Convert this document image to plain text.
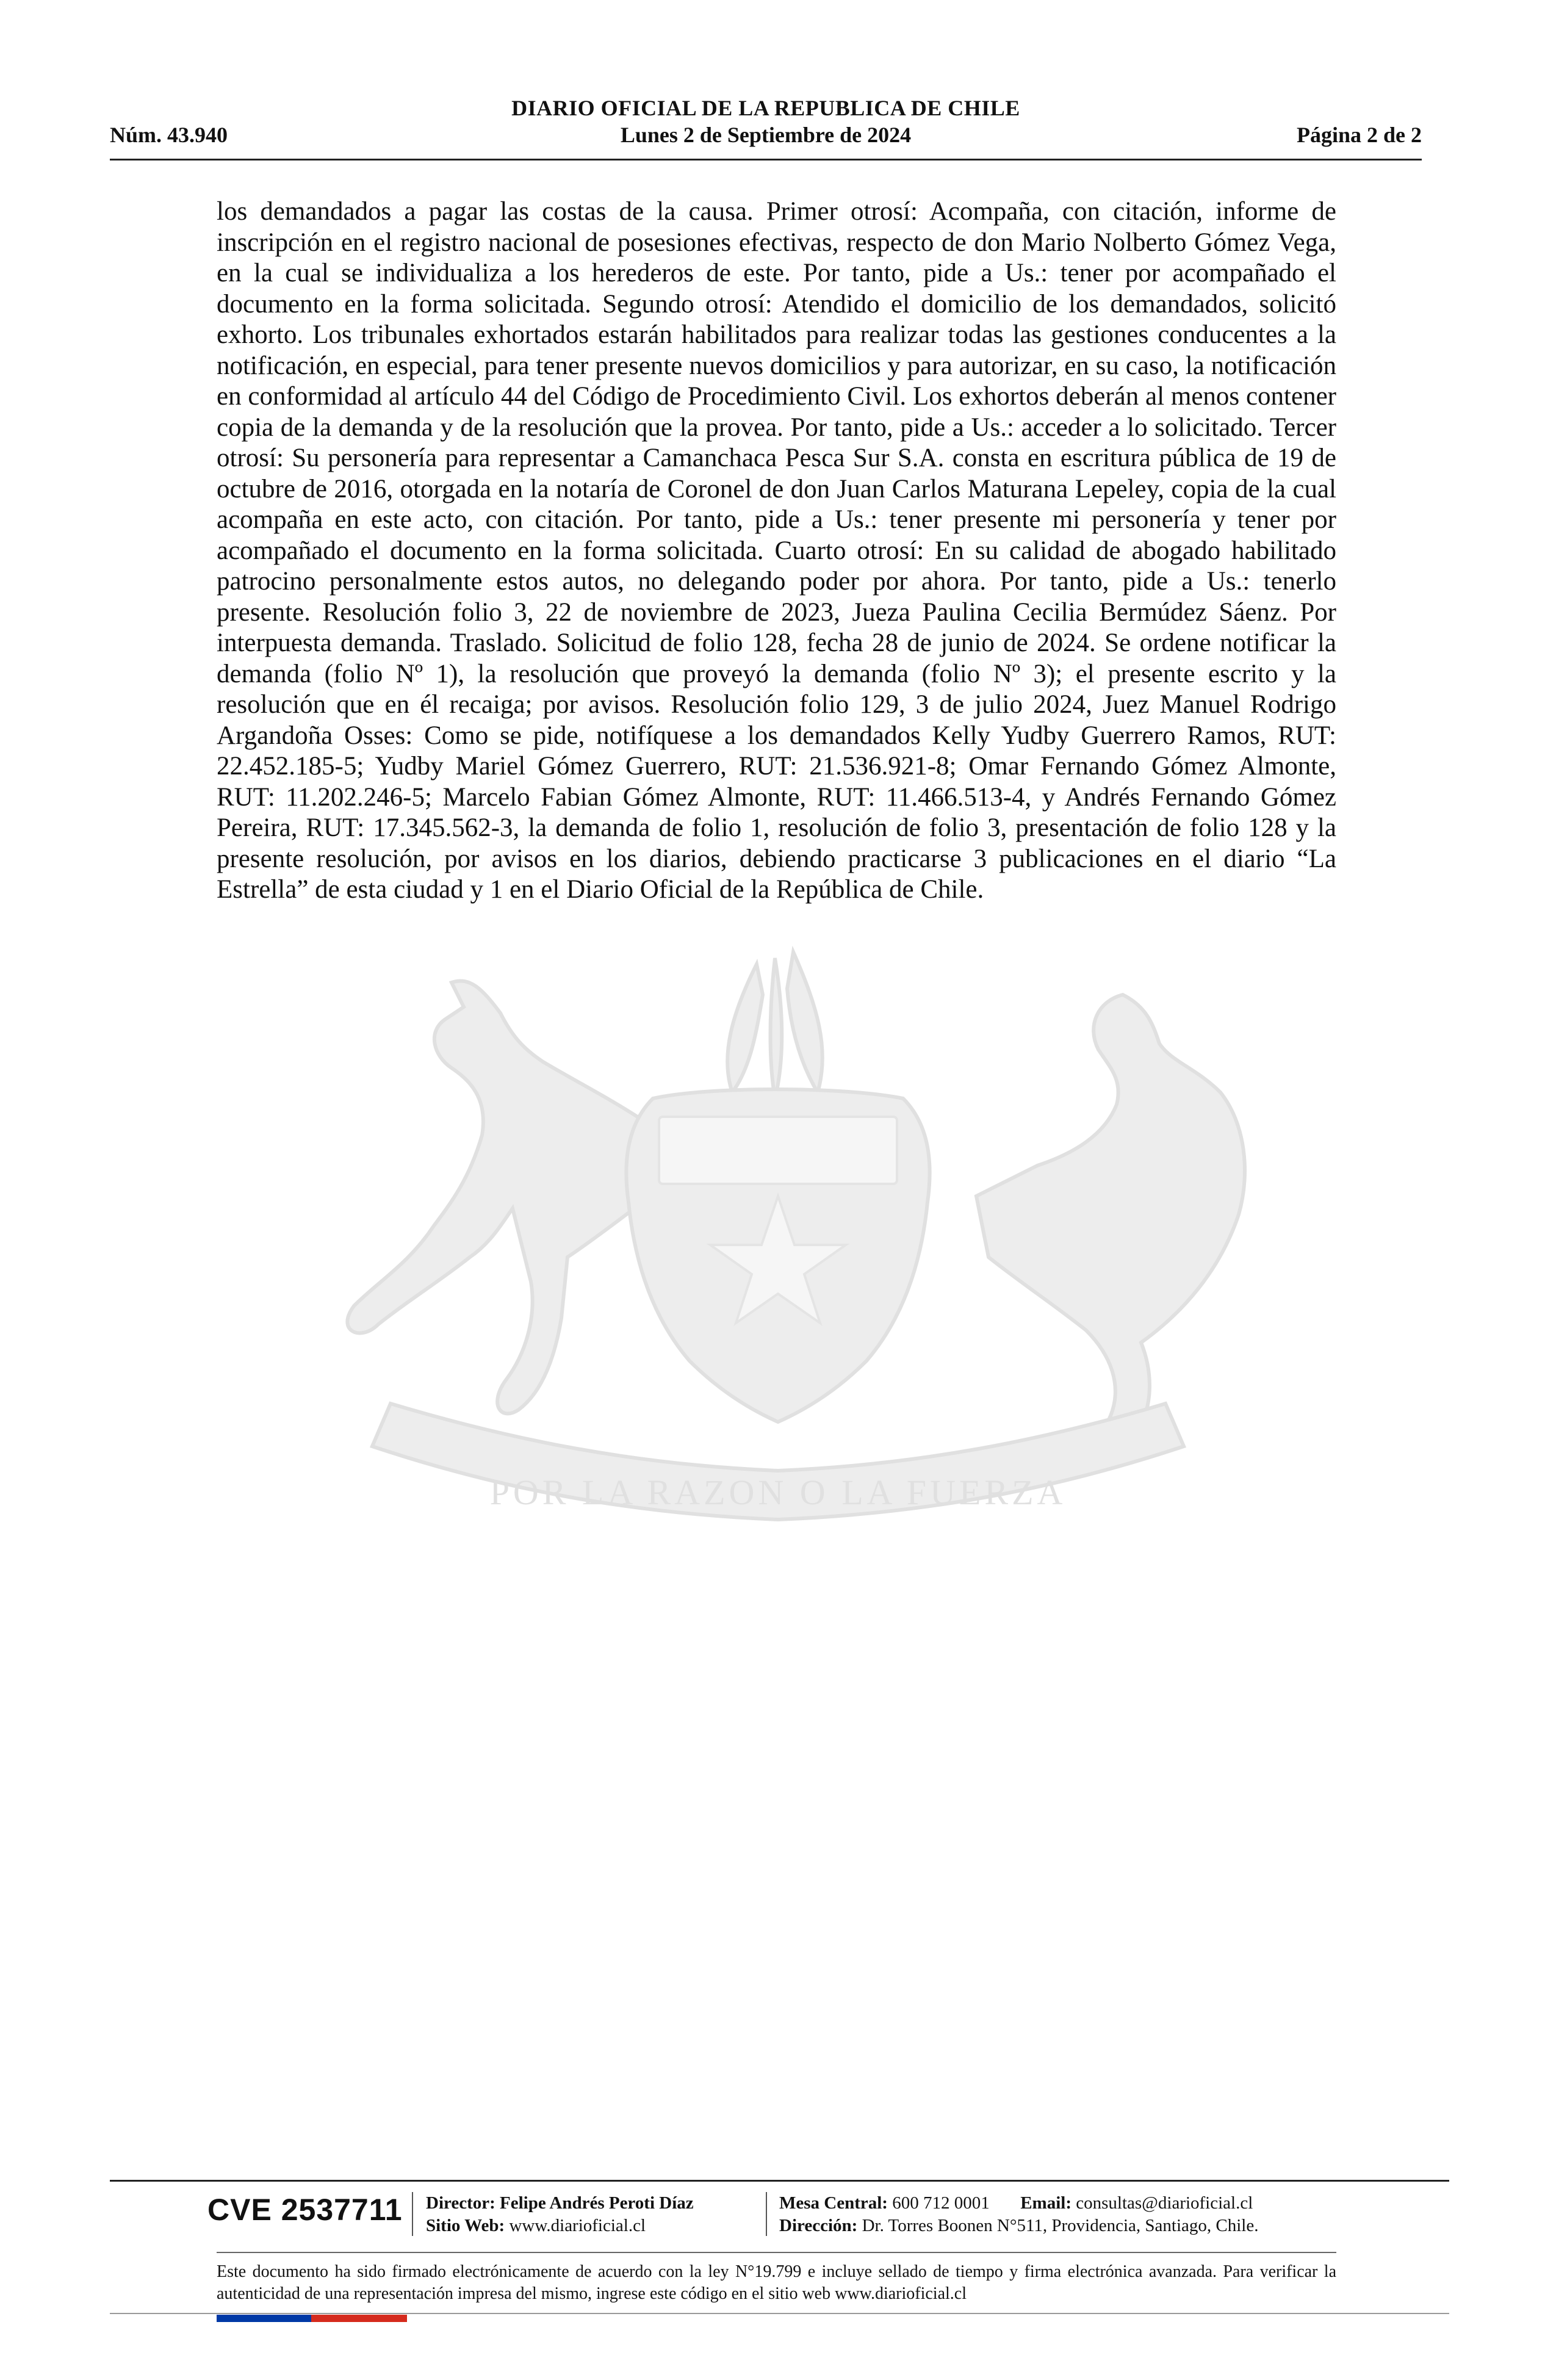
DIARIO OFICIAL DE LA REPUBLICA DE CHILE
Núm. 43.940	Lunes 2 de Septiembre de 2024	Página 2 de 2
POR LA RAZON O LA FUERZA
los demandados a pagar las costas de la causa. Primer otrosí: Acompaña, con citación, informe de inscripción en el registro nacional de posesiones efectivas, respecto de don Mario Nolberto Gómez Vega, en la cual se individualiza a los herederos de este. Por tanto, pide a Us.: tener por acompañado el documento en la forma solicitada. Segundo otrosí: Atendido el domicilio de los demandados, solicitó exhorto. Los tribunales exhortados estarán habilitados para realizar todas las gestiones conducentes a la notificación, en especial, para tener presente nuevos domicilios y para autorizar, en su caso, la notificación en conformidad al artículo 44 del Código de Procedimiento Civil. Los exhortos deberán al menos contener copia de la demanda y de la resolución que la provea. Por tanto, pide a Us.: acceder a lo solicitado. Tercer otrosí: Su personería para representar a Camanchaca Pesca Sur S.A. consta en escritura pública de 19 de octubre de 2016, otorgada en la notaría de Coronel de don Juan Carlos Maturana Lepeley, copia de la cual acompaña en este acto, con citación. Por tanto, pide a Us.: tener presente mi personería y tener por acompañado el documento en la forma solicitada. Cuarto otrosí: En su calidad de abogado habilitado patrocino personalmente estos autos, no delegando poder por ahora. Por tanto, pide a Us.: tenerlo presente. Resolución folio 3, 22 de noviembre de 2023, Jueza Paulina Cecilia Bermúdez Sáenz. Por interpuesta demanda. Traslado. Solicitud de folio 128, fecha 28 de junio de 2024. Se ordene notificar la demanda (folio Nº 1), la resolución que proveyó la demanda (folio Nº 3); el presente escrito y la resolución que en él recaiga; por avisos. Resolución folio 129, 3 de julio 2024, Juez Manuel Rodrigo Argandoña Osses: Como se pide, notifíquese a los demandados Kelly Yudby Guerrero Ramos, RUT: 22.452.185-5; Yudby Mariel Gómez Guerrero, RUT: 21.536.921-8; Omar Fernando Gómez Almonte, RUT: 11.202.246-5; Marcelo Fabian Gómez Almonte, RUT: 11.466.513-4, y Andrés Fernando Gómez Pereira, RUT: 17.345.562-3, la demanda de folio 1, resolución de folio 3, presentación de folio 128 y la presente resolución, por avisos en los diarios, debiendo practicarse 3 publicaciones en el diario “La Estrella” de esta ciudad y 1 en el Diario Oficial de la República de Chile.
CVE 2537711 Director: Felipe Andrés Peroti Díaz
Sitio Web: www.diarioficial.cl
Mesa Central: 600 712 0001 Email: consultas@diarioficial.cl
Dirección: Dr. Torres Boonen N°511, Providencia, Santiago, Chile.
Este documento ha sido firmado electrónicamente de acuerdo con la ley N°19.799 e incluye sellado de tiempo y firma electrónica avanzada. Para verificar la autenticidad de una representación impresa del mismo, ingrese este código en el sitio web www.diarioficial.cl
